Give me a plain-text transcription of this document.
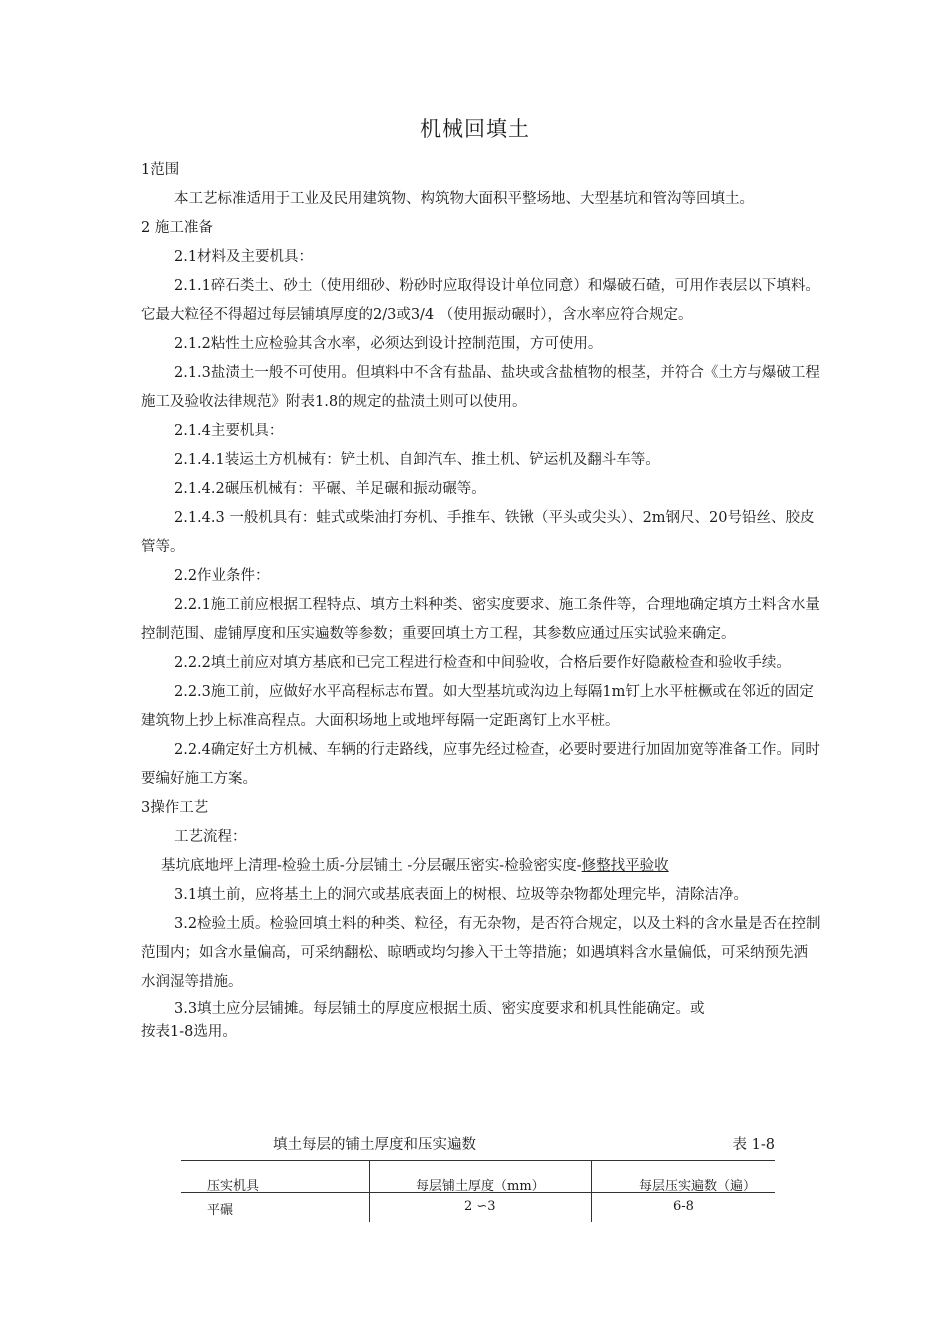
机械回填土

1范围

本工艺标准适用于工业及民用建筑物、构筑物大面积平整场地、大型基坑和管沟等回填土。

2 施工准备

2.1材料及主要机具：

2.1.1碎石类土、砂土（使用细砂、粉砂时应取得设计单位同意）和爆破石碴，可用作表层以下填料。它最大粒径不得超过每层铺填厚度的2/3或3/4 （使用振动碾时），含水率应符合规定。

2.1.2粘性土应检验其含水率，必须达到设计控制范围，方可使用。

2.1.3盐渍土一般不可使用。但填料中不含有盐晶、盐块或含盐植物的根茎，并符合《土方与爆破工程施工及验收法律规范》附表1.8的规定的盐渍土则可以使用。

2.1.4主要机具：

2.1.4.1装运土方机械有：铲土机、自卸汽车、推土机、铲运机及翻斗车等。

2.1.4.2碾压机械有：平碾、羊足碾和振动碾等。

2.1.4.3 一般机具有：蛙式或柴油打夯机、手推车、铁锹（平头或尖头）、2m钢尺、20号铅丝、胶皮管等。

2.2作业条件：

2.2.1施工前应根据工程特点、填方土料种类、密实度要求、施工条件等，合理地确定填方土料含水量控制范围、虚铺厚度和压实遍数等参数；重要回填土方工程，其参数应通过压实试验来确定。

2.2.2填土前应对填方基底和已完工程进行检查和中间验收，合格后要作好隐蔽检查和验收手续。

2.2.3施工前，应做好水平高程标志布置。如大型基坑或沟边上每隔1m钉上水平桩橛或在邻近的固定建筑物上抄上标准高程点。大面积场地上或地坪每隔一定距离钉上水平桩。

2.2.4确定好土方机械、车辆的行走路线，应事先经过检查，必要时要进行加固加宽等准备工作。同时要编好施工方案。

3操作工艺

工艺流程：

基坑底地坪上清理-检验土质-分层铺土 -分层碾压密实-检验密实度-修整找平验收

3.1填土前，应将基土上的洞穴或基底表面上的树根、垃圾等杂物都处理完毕，清除洁净。

3.2检验土质。检验回填土料的种类、粒径，有无杂物，是否符合规定，以及土料的含水量是否在控制范围内；如含水量偏高，可采纳翻松、晾晒或均匀掺入干土等措施；如遇填料含水量偏低，可采纳预先洒水润湿等措施。

3.3填土应分层铺摊。每层铺土的厚度应根据土质、密实度要求和机具性能确定。或

按表1-8选用。

填土每层的铺土厚度和压实遍数	表 1-8
压实机具	每层铺土厚度（mm）	每层压实遍数（遍）
平碾	2 ∽3	6-8
